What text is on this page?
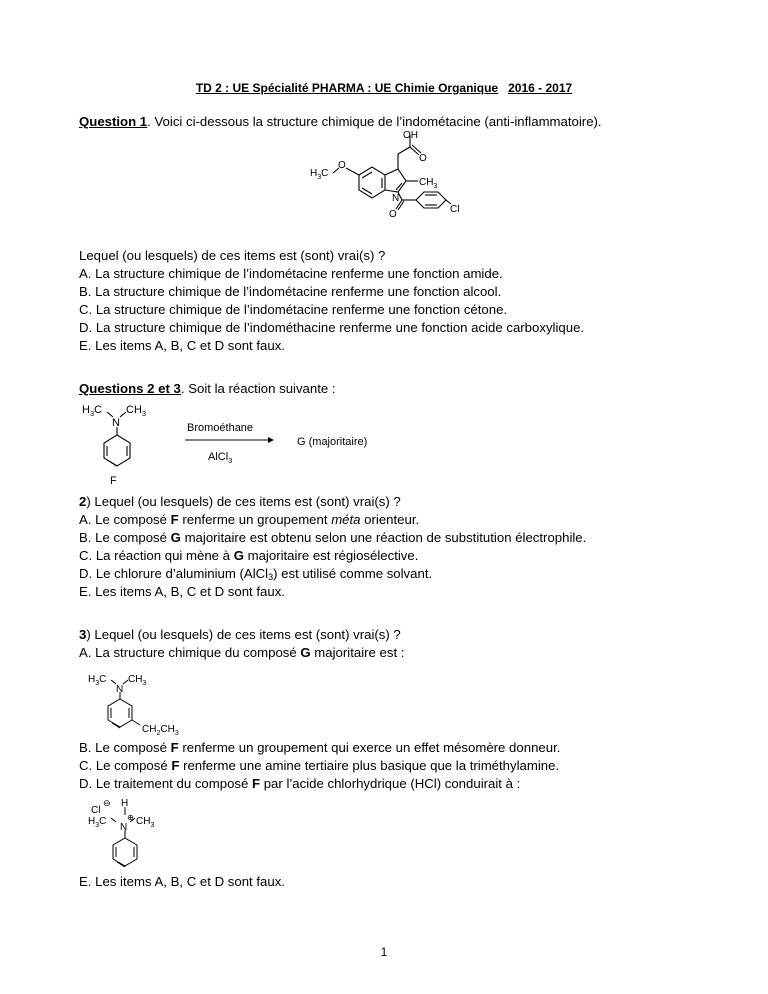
TD 2 : UE Spécialité PHARMA : UE Chimie Organique 2016 - 2017
Question 1. Voici ci-dessous la structure chimique de l’indométacine (anti-inflammatoire).
OH
O
O
$H_3C$
$CH_3$
N
O	Cl
Lequel (ou lesquels) de ces items est (sont) vrai(s) ?
A. La structure chimique de l’indométacine renferme une fonction amide.
B. La structure chimique de l’indométacine renferme une fonction alcool.
C. La structure chimique de l’indométacine renferme une fonction cétone.
D. La structure chimique de l’indométhacine renferme une fonction acide carboxylique.
E. Les items A, B, C et D sont faux.
Questions 2 et 3. Soit la réaction suivante :
$H_3C$ $CH_3$
N	Bromoéthane
AlCl$_3$
G (majoritaire)
F
2) Lequel (ou lesquels) de ces items est (sont) vrai(s) ?
A. Le composé F renferme un groupement méta orienteur.
B. Le composé G majoritaire est obtenu selon une réaction de substitution électrophile.
C. La réaction qui mène à G majoritaire est régiosélective.
D. Le chlorure d’aluminium (AlCl3) est utilisé comme solvant.
E. Les items A, B, C et D sont faux.
3) Lequel (ou lesquels) de ces items est (sont) vrai(s) ?
A. La structure chimique du composé G majoritaire est :
$H_3C$ $CH_3$
N
$CH_2CH_3$
B. Le composé F renferme un groupement qui exerce un effet mésomère donneur.
C. Le composé F renferme une amine tertiaire plus basique que la triméthylamine.
D. Le traitement du composé F par l’acide chlorhydrique (HCl) conduirait à :
Cl
⊖ H
⊕
$H_3C$	$CH_3$
N
E. Les items A, B, C et D sont faux.
1
